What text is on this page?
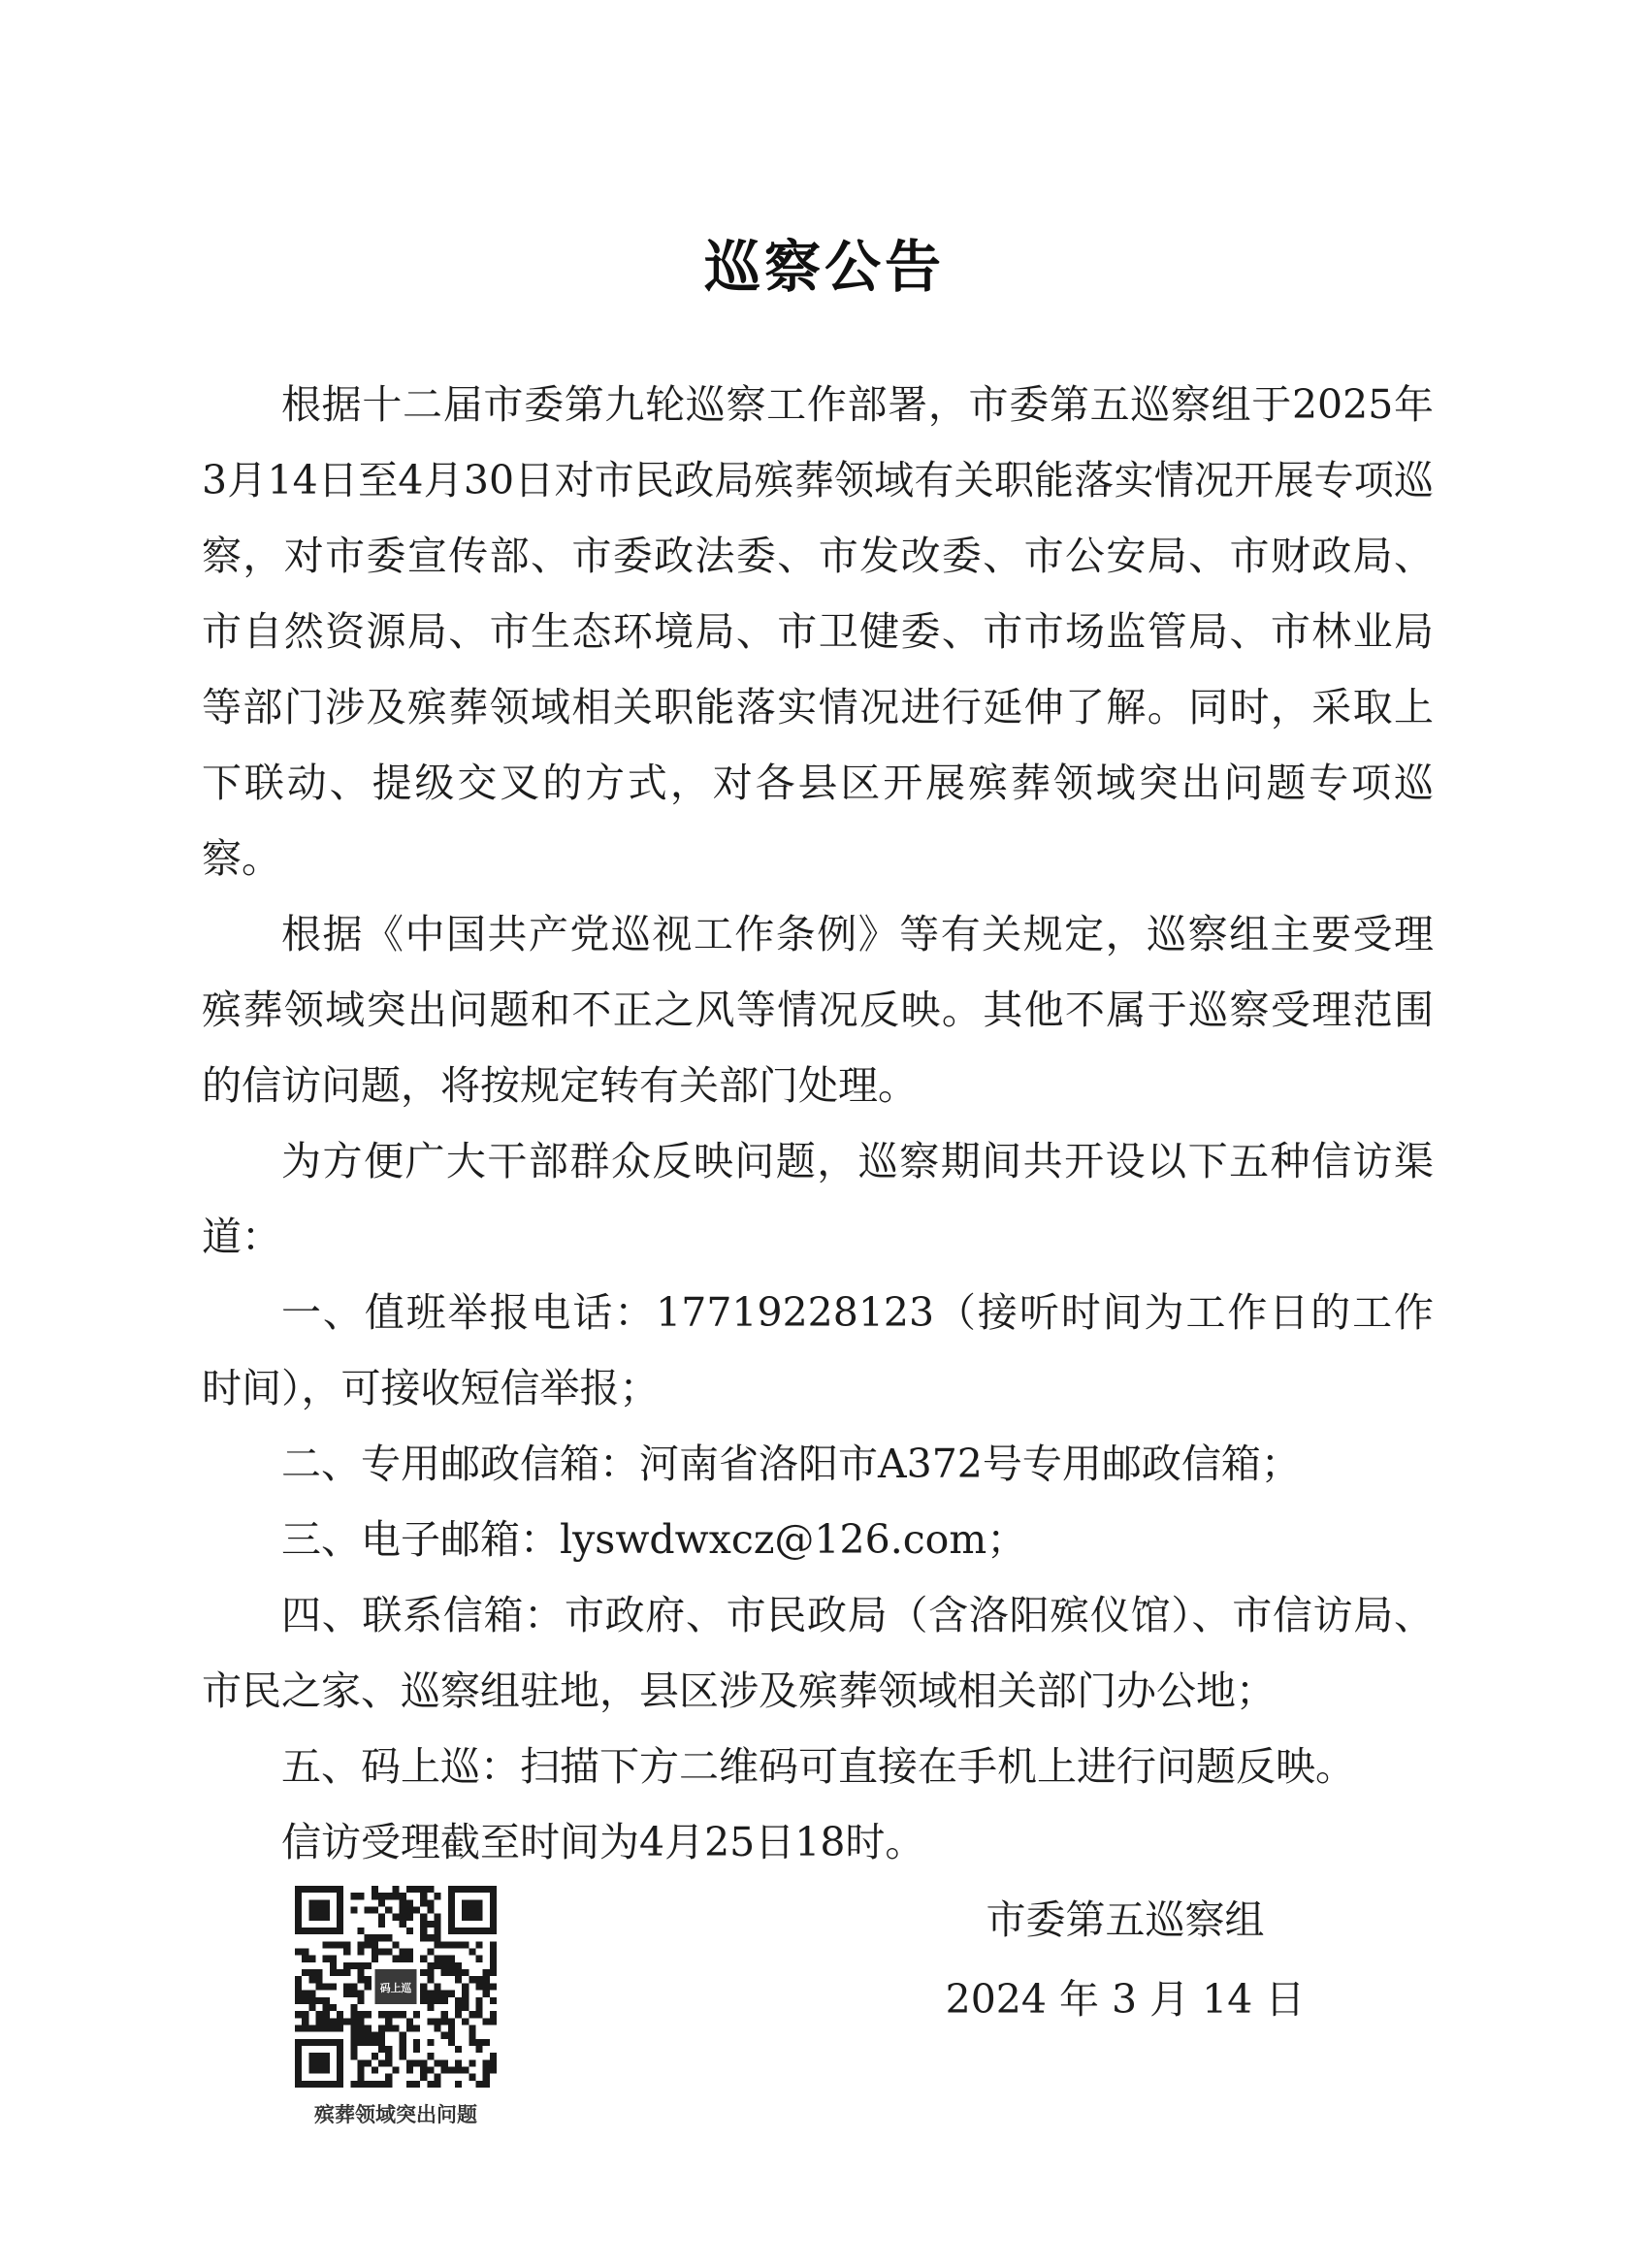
巡察公告

根据十二届市委第九轮巡察工作部署，市委第五巡察组于2025年3月14日至4月30日对市民政局殡葬领域有关职能落实情况开展专项巡察，对市委宣传部、市委政法委、市发改委、市公安局、市财政局、市自然资源局、市生态环境局、市卫健委、市市场监管局、市林业局等部门涉及殡葬领域相关职能落实情况进行延伸了解。同时，采取上下联动、提级交叉的方式，对各县区开展殡葬领域突出问题专项巡察。

根据《中国共产党巡视工作条例》等有关规定，巡察组主要受理殡葬领域突出问题和不正之风等情况反映。其他不属于巡察受理范围的信访问题，将按规定转有关部门处理。

为方便广大干部群众反映问题，巡察期间共开设以下五种信访渠道：

一、值班举报电话：17719228123（接听时间为工作日的工作时间），可接收短信举报；

二、专用邮政信箱：河南省洛阳市A372号专用邮政信箱；

三、电子邮箱：lyswdwxcz@126.com；

四、联系信箱：市政府、市民政局（含洛阳殡仪馆）、市信访局、市民之家、巡察组驻地，县区涉及殡葬领域相关部门办公地；

五、码上巡：扫描下方二维码可直接在手机上进行问题反映。

信访受理截至时间为4月25日18时。

码上巡
殡葬领域突出问题
市委第五巡察组
2024 年 3 月 14 日
